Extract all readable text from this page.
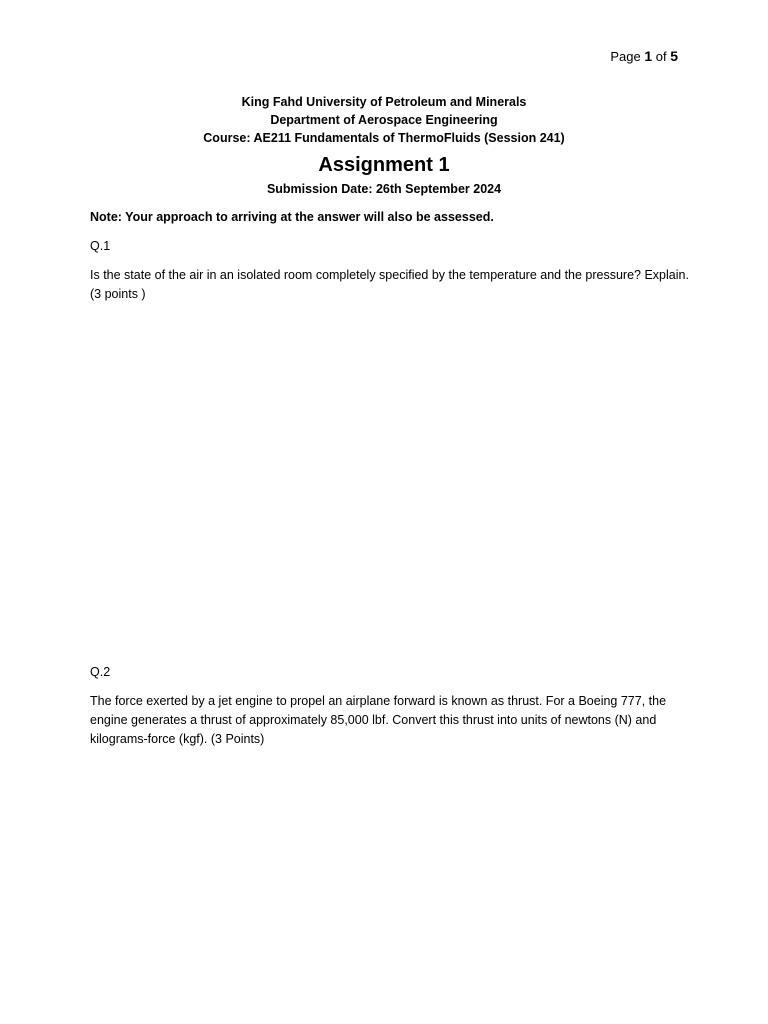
Page 1 of 5
King Fahd University of Petroleum and Minerals
Department of Aerospace Engineering
Course: AE211 Fundamentals of ThermoFluids (Session 241)
Assignment 1
Submission Date: 26th September 2024
Note: Your approach to arriving at the answer will also be assessed.
Q.1
Is the state of the air in an isolated room completely specified by the temperature and the pressure? Explain. (3 points )
Q.2
The force exerted by a jet engine to propel an airplane forward is known as thrust. For a Boeing 777, the engine generates a thrust of approximately 85,000 lbf. Convert this thrust into units of newtons (N) and kilograms-force (kgf). (3 Points)
